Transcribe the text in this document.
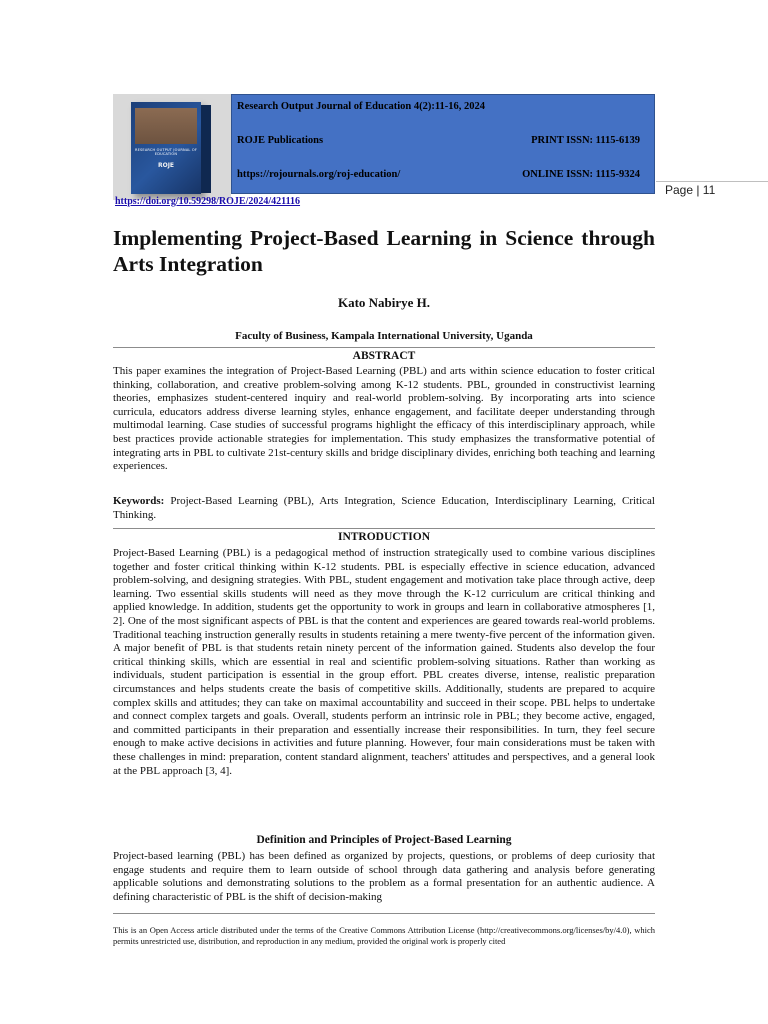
RESEARCH OUTPUT JOURNAL OF EDUCATION
ROJE
Research Output Journal of Education 4(2):11-16, 2024
ROJE Publications	PRINT ISSN: 1115-6139
https://rojournals.org/roj-education/	ONLINE ISSN: 1115-9324
Page | 11
https://doi.org/10.59298/ROJE/2024/421116
Implementing Project-Based Learning in Science through Arts Integration
Kato Nabirye H.
Faculty of Business, Kampala International University, Uganda
ABSTRACT

This paper examines the integration of Project-Based Learning (PBL) and arts within science education to foster critical thinking, collaboration, and creative problem-solving among K-12 students. PBL, grounded in constructivist learning theories, emphasizes student-centered inquiry and real-world problem-solving. By incorporating arts into science curricula, educators address diverse learning styles, enhance engagement, and facilitate deeper understanding through multimodal learning. Case studies of successful programs highlight the efficacy of this interdisciplinary approach, while best practices provide actionable strategies for implementation. This study emphasizes the transformative potential of integrating arts in PBL to cultivate 21st-century skills and bridge disciplinary divides, enriching both teaching and learning experiences.

Keywords: Project-Based Learning (PBL), Arts Integration, Science Education, Interdisciplinary Learning, Critical Thinking.

INTRODUCTION

Project-Based Learning (PBL) is a pedagogical method of instruction strategically used to combine various disciplines together and foster critical thinking within K-12 students. PBL is especially effective in science education, advanced problem-solving, and designing strategies. With PBL, student engagement and motivation take place through active, deep learning. Two essential skills students will need as they move through the K-12 curriculum are critical thinking and applied knowledge. In addition, students get the opportunity to work in groups and learn in collaborative atmospheres [1, 2]. One of the most significant aspects of PBL is that the content and experiences are geared towards real-world problems. Traditional teaching instruction generally results in students retaining a mere twenty-five percent of the information given. A major benefit of PBL is that students retain ninety percent of the information gained. Students also develop the four critical thinking skills, which are essential in real and scientific problem-solving situations. Rather than working as individuals, student participation is essential in the group effort. PBL creates diverse, intense, realistic preparation circumstances and helps students create the basis of competitive skills. Additionally, students are prepared to acquire complex skills and attitudes; they can take on maximal accountability and succeed in their scope. PBL helps to undertake and connect complex targets and goals. Overall, students perform an intrinsic role in PBL; they become active, engaged, and committed participants in their preparation and essentially increase their responsibilities. In turn, they feel secure enough to make active decisions in activities and future planning. However, four main considerations must be taken with these challenges in mind: preparation, content standard alignment, teachers' attitudes and perspectives, and a general look at the PBL approach [3, 4].

Definition and Principles of Project-Based Learning

Project-based learning (PBL) has been defined as organized by projects, questions, or problems of deep curiosity that engage students and require them to learn outside of school through data gathering and analysis before generating applicable solutions and demonstrating solutions to the problem as a formal presentation for an authentic audience. A defining characteristic of PBL is the shift of decision-making

This is an Open Access article distributed under the terms of the Creative Commons Attribution License (http://creativecommons.org/licenses/by/4.0), which permits unrestricted use, distribution, and reproduction in any medium, provided the original work is properly cited
